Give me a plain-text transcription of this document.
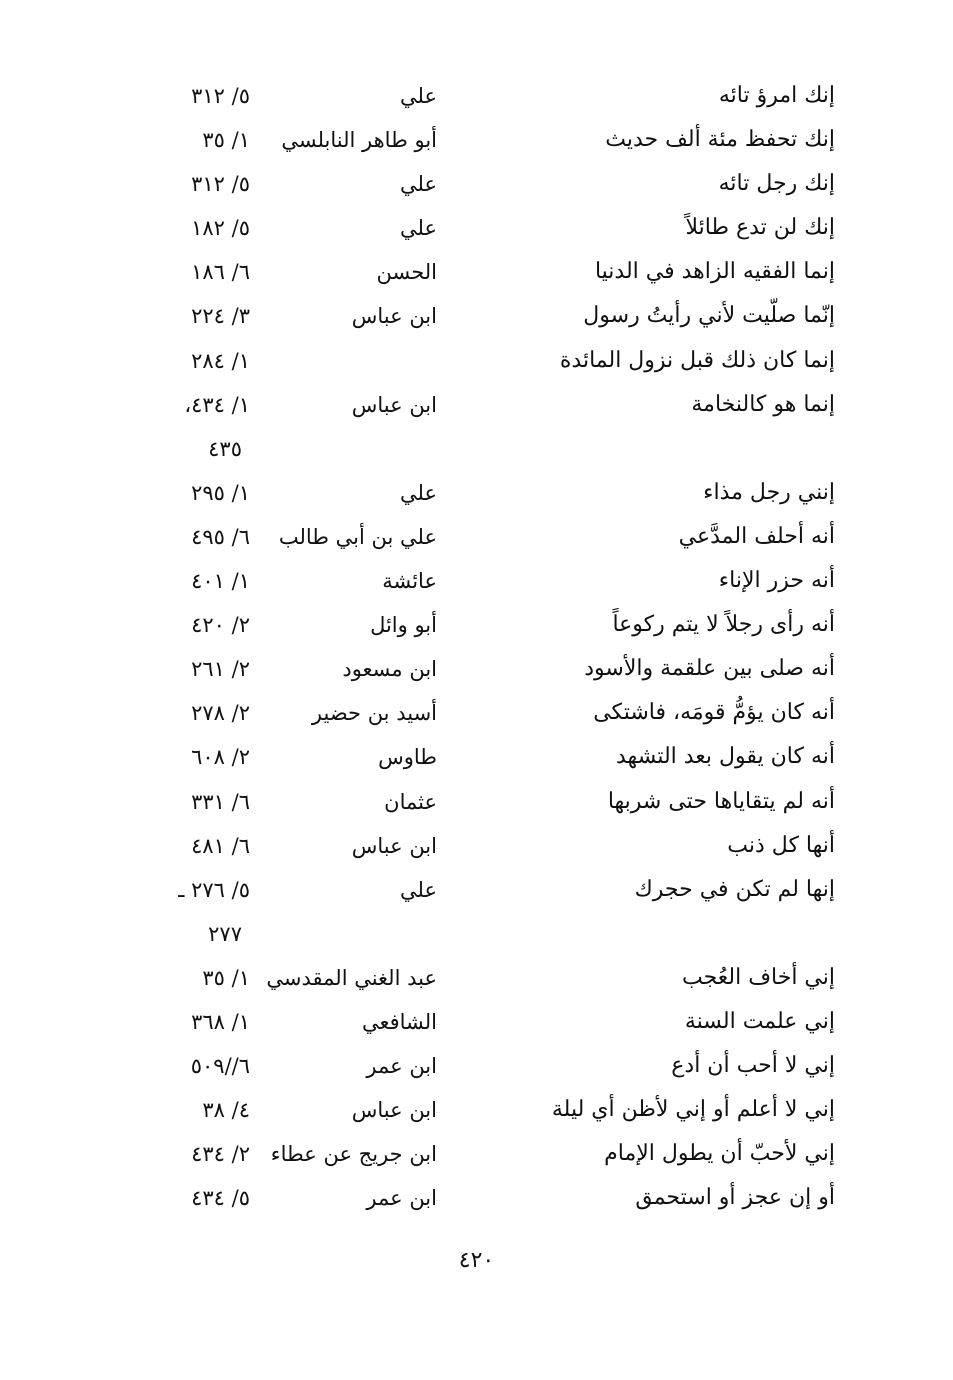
إنك امرؤ تائه
علي
٥/ ٣١٢
إنك تحفظ مئة ألف حديث
أبو طاهر النابلسي
١/ ٣٥
إنك رجل تائه
علي
٥/ ٣١٢
إنك لن تدع طائلاً
علي
٥/ ١٨٢
إنما الفقيه الزاهد في الدنيا
الحسن
٦/ ١٨٦
إنّما صلّيت لأني رأيتُ رسول
ابن عباس
٣/ ٢٢٤
إنما كان ذلك قبل نزول المائدة
١/ ٢٨٤
إنما هو كالنخامة
ابن عباس
١/ ٤٣٤،
٤٣٥
إنني رجل مذاء
علي
١/ ٢٩٥
أنه أحلف المدَّعي
علي بن أبي طالب
٦/ ٤٩٥
أنه حزر الإناء
عائشة
١/ ٤٠١
أنه رأى رجلاً لا يتم ركوعاً
أبو وائل
٢/ ٤٢٠
أنه صلى بين علقمة والأسود
ابن مسعود
٢/ ٢٦١
أنه كان يؤمُّ قومَه، فاشتكى
أسيد بن حضير
٢/ ٢٧٨
أنه كان يقول بعد التشهد
طاوس
٢/ ٦٠٨
أنه لم يتقاياها حتى شربها
عثمان
٦/ ٣٣١
أنها كل ذنب
ابن عباس
٦/ ٤٨١
إنها لم تكن في حجرك
علي
٥/ ٢٧٦ ـ
٢٧٧
إني أخاف العُجب
عبد الغني المقدسي
١/ ٣٥
إني علمت السنة
الشافعي
١/ ٣٦٨
إني لا أحب أن أدع
ابن عمر
٦//٥٠٩
إني لا أعلم أو إني لأظن أي ليلة
ابن عباس
٤/ ٣٨
إني لأحبّ أن يطول الإمام
ابن جريج عن عطاء
٢/ ٤٣٤
أو إن عجز أو استحمق
ابن عمر
٥/ ٤٣٤
٤٢٠
